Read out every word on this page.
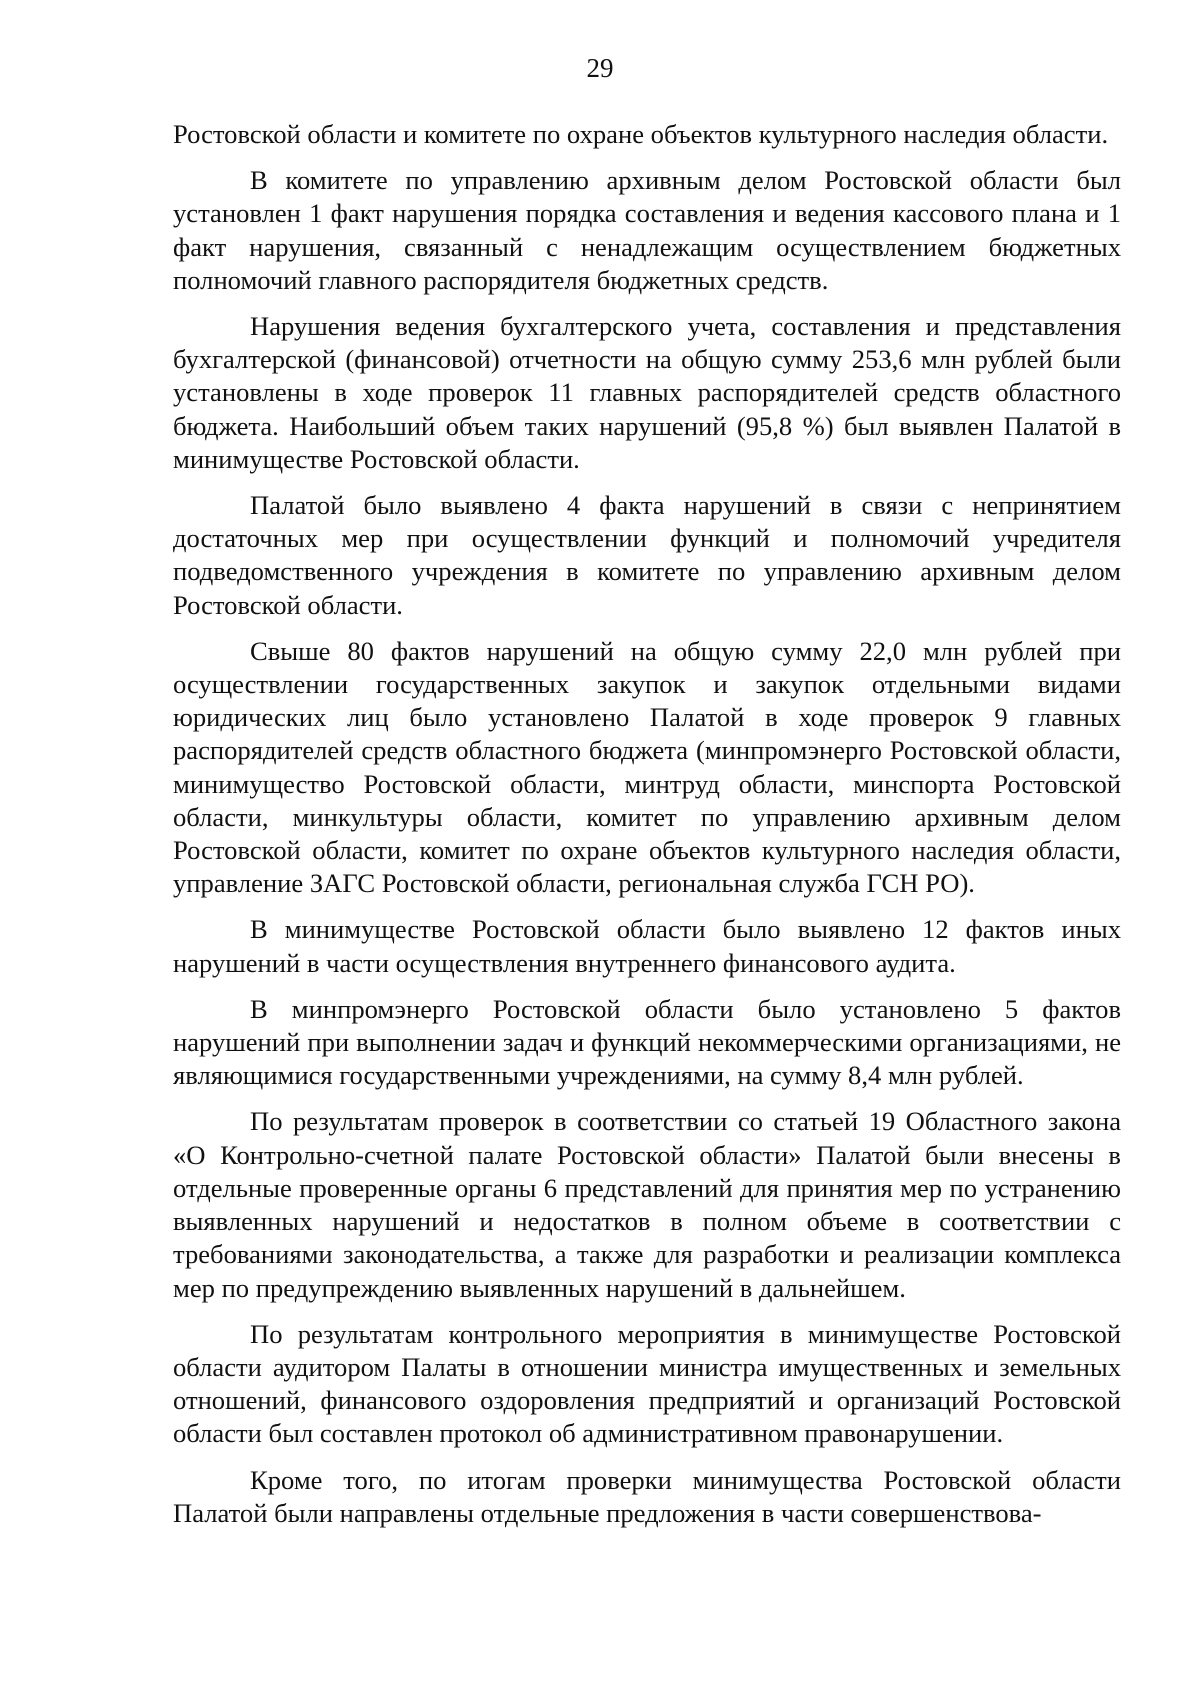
29

Ростовской области и комитете по охране объектов культурного наследия области.

В комитете по управлению архивным делом Ростовской области был установлен 1 факт нарушения порядка составления и ведения кассового плана и 1 факт нарушения, связанный с ненадлежащим осуществлением бюджетных полномочий главного распорядителя бюджетных средств.

Нарушения ведения бухгалтерского учета, составления и представления бухгалтерской (финансовой) отчетности на общую сумму 253,6 млн рублей были установлены в ходе проверок 11 главных распорядителей средств областного бюджета. Наибольший объем таких нарушений (95,8 %) был выявлен Палатой в минимуществе Ростовской области.

Палатой было выявлено 4 факта нарушений в связи с непринятием достаточных мер при осуществлении функций и полномочий учредителя подведомственного учреждения в комитете по управлению архивным делом Ростовской области.

Свыше 80 фактов нарушений на общую сумму 22,0 млн рублей при осуществлении государственных закупок и закупок отдельными видами юридических лиц было установлено Палатой в ходе проверок 9 главных распорядителей средств областного бюджета (минпромэнерго Ростовской области, минимущество Ростовской области, минтруд области, минспорта Ростовской области, минкультуры области, комитет по управлению архивным делом Ростовской области, комитет по охране объектов культурного наследия области, управление ЗАГС Ростовской области, региональная служба ГСН РО).

В минимуществе Ростовской области было выявлено 12 фактов иных нарушений в части осуществления внутреннего финансового аудита.

В минпромэнерго Ростовской области было установлено 5 фактов нарушений при выполнении задач и функций некоммерческими организациями, не являющимися государственными учреждениями, на сумму 8,4 млн рублей.

По результатам проверок в соответствии со статьей 19 Областного закона «О Контрольно-счетной палате Ростовской области» Палатой были внесены в отдельные проверенные органы 6 представлений для принятия мер по устранению выявленных нарушений и недостатков в полном объеме в соответствии с требованиями законодательства, а также для разработки и реализации комплекса мер по предупреждению выявленных нарушений в дальнейшем.

По результатам контрольного мероприятия в минимуществе Ростовской области аудитором Палаты в отношении министра имущественных и земельных отношений, финансового оздоровления предприятий и организаций Ростовской области был составлен протокол об административном правонарушении.

Кроме того, по итогам проверки минимущества Ростовской области Палатой были направлены отдельные предложения в части совершенствова-
